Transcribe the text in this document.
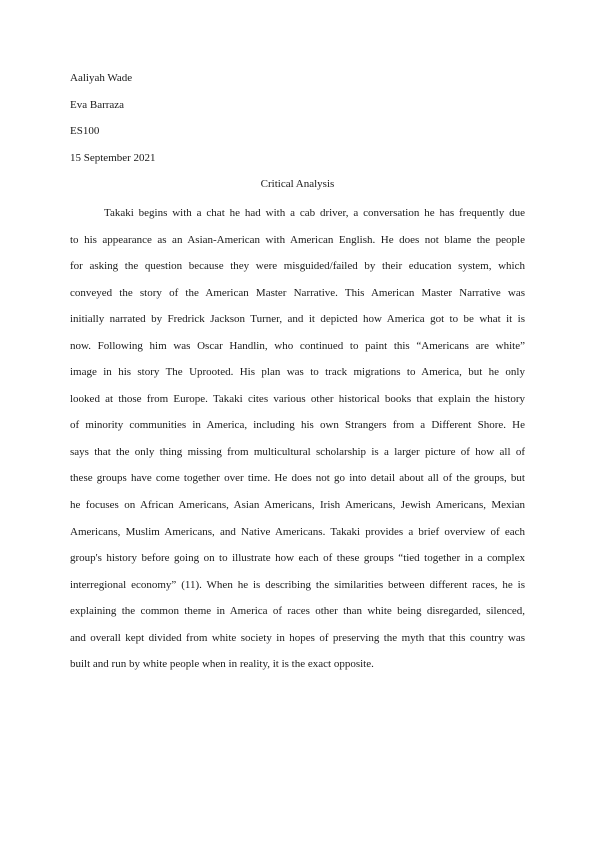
Aaliyah Wade
Eva Barraza
ES100
15 September 2021
Critical Analysis
Takaki begins with a chat he had with a cab driver, a conversation he has frequently due
to his appearance as an Asian-American with American English. He does not blame the people
for asking the question because they were misguided/failed by their education system, which
conveyed the story of the American Master Narrative. This American Master Narrative was
initially narrated by Fredrick Jackson Turner, and it depicted how America got to be what it is
now. Following him was Oscar Handlin, who continued to paint this “Americans are white”
image in his story The Uprooted. His plan was to track migrations to America, but he only
looked at those from Europe. Takaki cites various other historical books that explain the history
of minority communities in America, including his own Strangers from a Different Shore. He
says that the only thing missing from multicultural scholarship is a larger picture of how all of
these groups have come together over time. He does not go into detail about all of the groups, but
he focuses on African Americans, Asian Americans, Irish Americans, Jewish Americans, Mexian
Americans, Muslim Americans, and Native Americans. Takaki provides a brief overview of each
group's history before going on to illustrate how each of these groups “tied together in a complex
interregional economy” (11). When he is describing the similarities between different races, he is
explaining the common theme in America of races other than white being disregarded, silenced,
and overall kept divided from white society in hopes of preserving the myth that this country was
built and run by white people when in reality, it is the exact opposite.
